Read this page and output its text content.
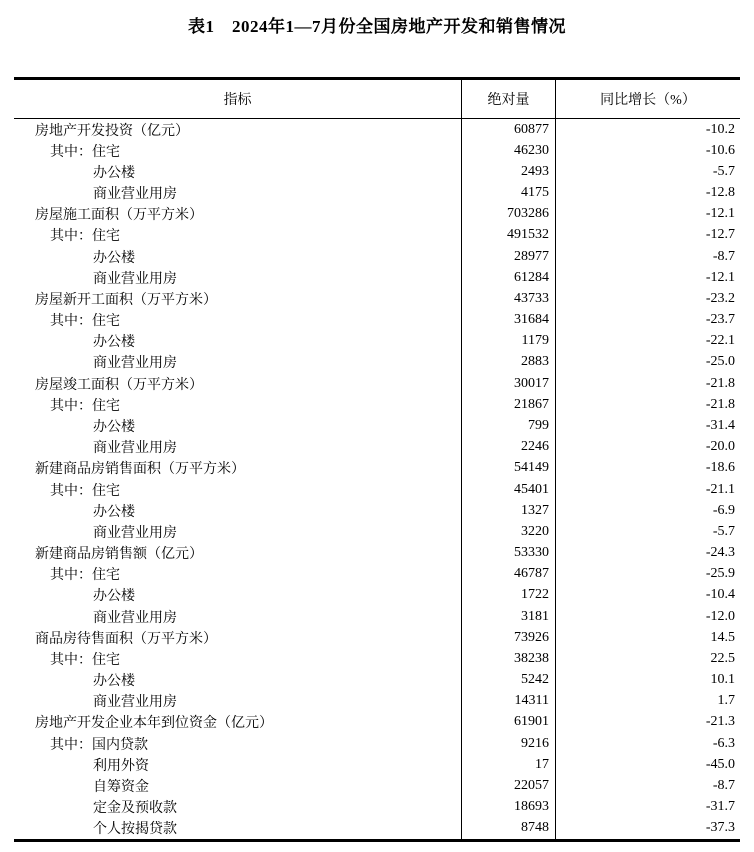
表1　2024年1—7月份全国房地产开发和销售情况
指标	绝对量	同比增长（%）
房地产开发投资（亿元）	60877	-10.2
其中：住宅	46230	-10.6
办公楼	2493	-5.7
商业营业用房	4175	-12.8
房屋施工面积（万平方米）	703286	-12.1
其中：住宅	491532	-12.7
办公楼	28977	-8.7
商业营业用房	61284	-12.1
房屋新开工面积（万平方米）	43733	-23.2
其中：住宅	31684	-23.7
办公楼	1179	-22.1
商业营业用房	2883	-25.0
房屋竣工面积（万平方米）	30017	-21.8
其中：住宅	21867	-21.8
办公楼	799	-31.4
商业营业用房	2246	-20.0
新建商品房销售面积（万平方米）	54149	-18.6
其中：住宅	45401	-21.1
办公楼	1327	-6.9
商业营业用房	3220	-5.7
新建商品房销售额（亿元）	53330	-24.3
其中：住宅	46787	-25.9
办公楼	1722	-10.4
商业营业用房	3181	-12.0
商品房待售面积（万平方米）	73926	14.5
其中：住宅	38238	22.5
办公楼	5242	10.1
商业营业用房	14311	1.7
房地产开发企业本年到位资金（亿元）	61901	-21.3
其中：国内贷款	9216	-6.3
利用外资	17	-45.0
自筹资金	22057	-8.7
定金及预收款	18693	-31.7
个人按揭贷款	8748	-37.3
